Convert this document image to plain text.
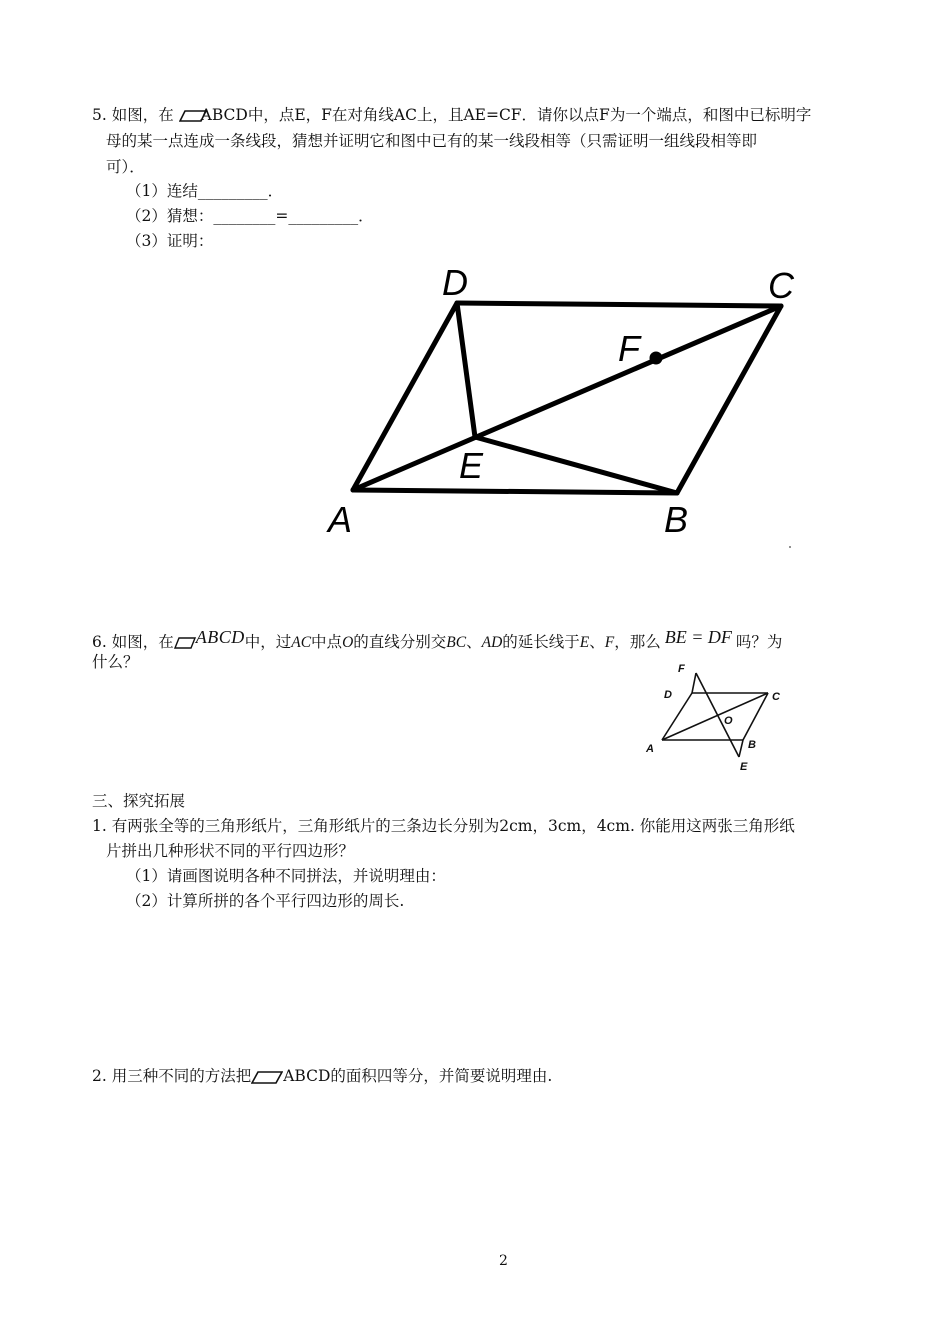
5. 如图，在 ABCD中，点E，F在对角线AC上，且AE=CF．请你以点F为一个端点，和图中已标明字
母的某一点连成一条线段，猜想并证明它和图中已有的某一线段相等（只需证明一组线段相等即
可）．
（1）连结_________．
（2）猜想：________=_________．
（3）证明：
D	C
F
E
A	B
6. 如图，在 ABCD中，过AC中点O的直线分别交BC、AD的延长线于E、F，那么 BE = DF 吗？为
什么？	F
D	C
O
A	B
E
三、探究拓展
1. 有两张全等的三角形纸片，三角形纸片的三条边长分别为2cm，3cm，4cm. 你能用这两张三角形纸
片拼出几种形状不同的平行四边形？
（1）请画图说明各种不同拼法，并说明理由：
（2）计算所拼的各个平行四边形的周长.
2. 用三种不同的方法把 ABCD的面积四等分，并简要说明理由.
2
